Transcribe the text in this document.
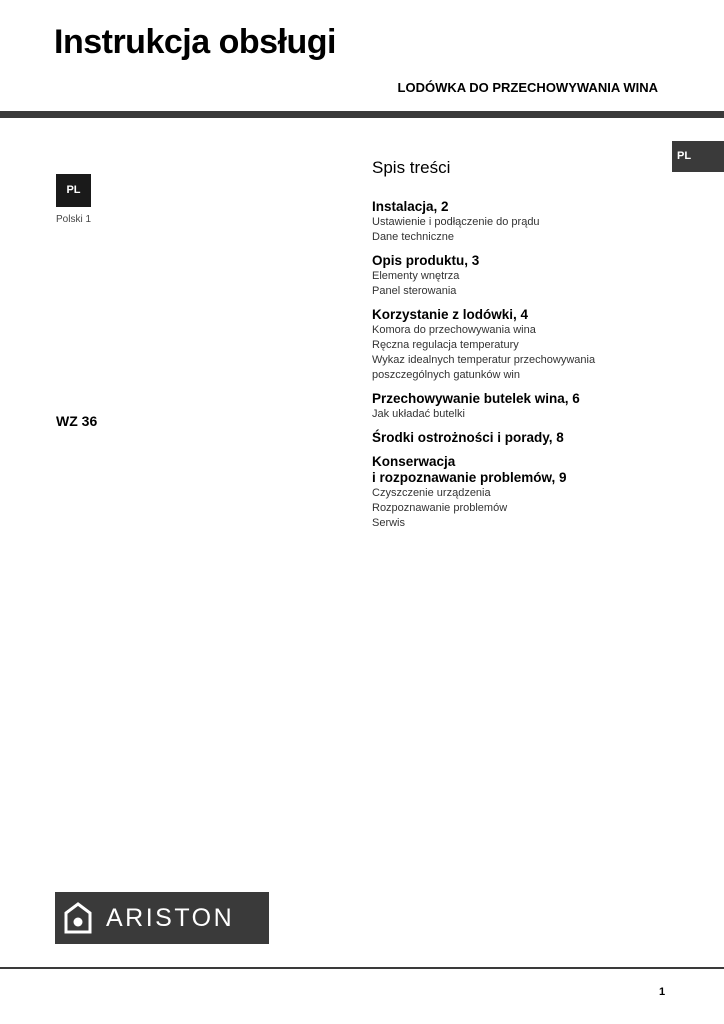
Instrukcja obsługi
LODÓWKA DO PRZECHOWYWANIA WINA
PL
PL
Polski 1
WZ 36
Spis treści
Instalacja, 2
Ustawienie i podłączenie do prądu
Dane techniczne
Opis produktu, 3
Elementy wnętrza
Panel sterowania
Korzystanie z lodówki, 4
Komora do przechowywania wina
Ręczna regulacja temperatury
Wykaz idealnych temperatur przechowywania
poszczególnych gatunków win
Przechowywanie butelek wina, 6
Jak układać butelki
Środki ostrożności i porady, 8
Konserwacja
i rozpoznawanie problemów, 9
Czyszczenie urządzenia
Rozpoznawanie problemów
Serwis
ARISTON
1
